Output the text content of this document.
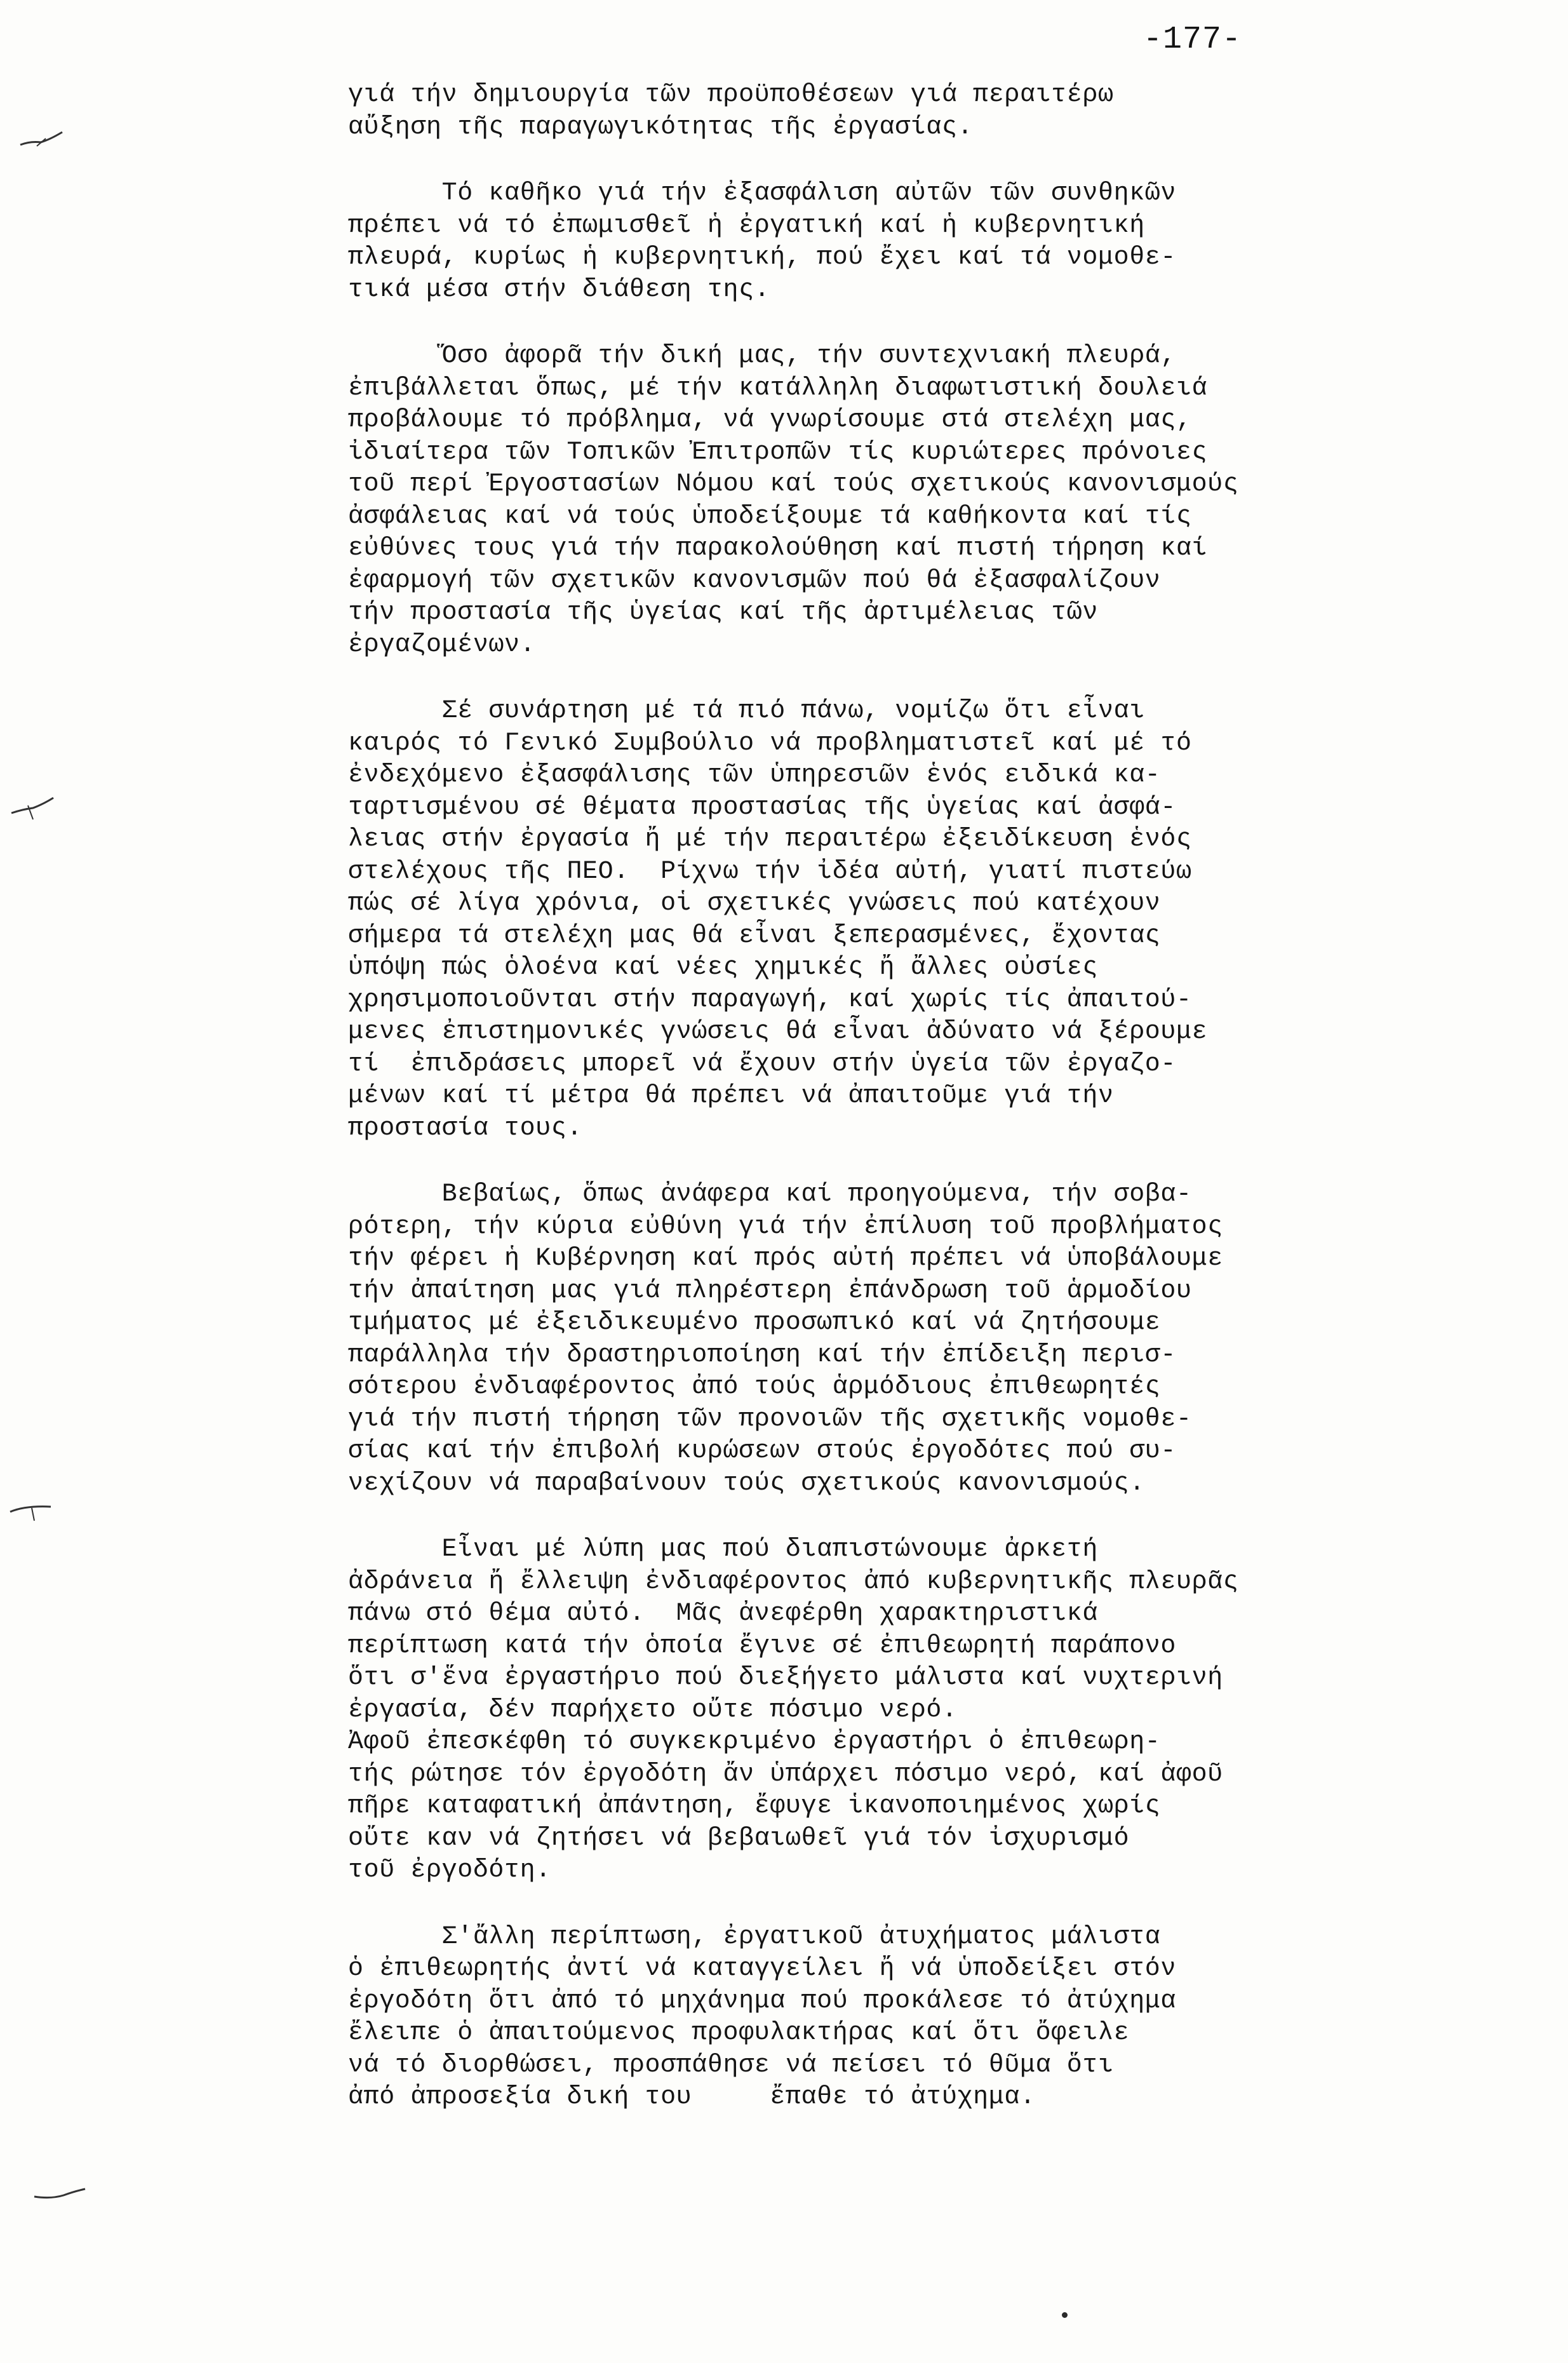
-177-
γιά τήν δημιουργία τῶν προϋποθέσεων γιά περαιτέρω
αὔξηση τῆς παραγωγικότητας τῆς ἐργασίας.
Τό καθῆκο γιά τήν ἐξασφάλιση αὐτῶν τῶν συνθηκῶν
πρέπει νά τό ἐπωμισθεῖ ἡ ἐργατική καί ἡ κυβερνητική
πλευρά, κυρίως ἡ κυβερνητική, πού ἔχει καί τά νομοθε-
τικά μέσα στήν διάθεση της.
Ὅσο ἀφορᾶ τήν δική μας, τήν συντεχνιακή πλευρά,
ἐπιβάλλεται ὅπως, μέ τήν κατάλληλη διαφωτιστική δουλειά
προβάλουμε τό πρόβλημα, νά γνωρίσουμε στά στελέχη μας,
ἰδιαίτερα τῶν Τοπικῶν Ἐπιτροπῶν τίς κυριώτερες πρόνοιες
τοῦ περί Ἐργοστασίων Νόμου καί τούς σχετικούς κανονισμούς
ἀσφάλειας καί νά τούς ὑποδείξουμε τά καθήκοντα καί τίς
εὐθύνες τους γιά τήν παρακολούθηση καί πιστή τήρηση καί
ἐφαρμογή τῶν σχετικῶν κανονισμῶν πού θά ἐξασφαλίζουν
τήν προστασία τῆς ὑγείας καί τῆς ἀρτιμέλειας τῶν
ἐργαζομένων.
Σέ συνάρτηση μέ τά πιό πάνω, νομίζω ὅτι εἶναι
καιρός τό Γενικό Συμβούλιο νά προβληματιστεῖ καί μέ τό
ἐνδεχόμενο ἐξασφάλισης τῶν ὑπηρεσιῶν ἑνός ειδικά κα-
ταρτισμένου σέ θέματα προστασίας τῆς ὑγείας καί ἀσφά-
λειας στήν ἐργασία ἤ μέ τήν περαιτέρω ἐξειδίκευση ἑνός
στελέχους τῆς ΠΕΟ.  Ρίχνω τήν ἰδέα αὐτή, γιατί πιστεύω
πώς σέ λίγα χρόνια, οἱ σχετικές γνώσεις πού κατέχουν
σήμερα τά στελέχη μας θά εἶναι ξεπερασμένες, ἔχοντας
ὑπόψη πώς ὁλοένα καί νέες χημικές ἤ ἄλλες οὐσίες
χρησιμοποιοῦνται στήν παραγωγή, καί χωρίς τίς ἀπαιτού-
μενες ἐπιστημονικές γνώσεις θά εἶναι ἀδύνατο νά ξέρουμε
τί  ἐπιδράσεις μπορεῖ νά ἔχουν στήν ὑγεία τῶν ἐργαζο-
μένων καί τί μέτρα θά πρέπει νά ἀπαιτοῦμε γιά τήν
προστασία τους.
Βεβαίως, ὅπως ἀνάφερα καί προηγούμενα, τήν σοβα-
ρότερη, τήν κύρια εὐθύνη γιά τήν ἐπίλυση τοῦ προβλήματος
τήν φέρει ἡ Κυβέρνηση καί πρός αὐτή πρέπει νά ὑποβάλουμε
τήν ἀπαίτηση μας γιά πληρέστερη ἐπάνδρωση τοῦ ἁρμοδίου
τμήματος μέ ἐξειδικευμένο προσωπικό καί νά ζητήσουμε
παράλληλα τήν δραστηριοποίηση καί τήν ἐπίδειξη περισ-
σότερου ἐνδιαφέροντος ἀπό τούς ἁρμόδιους ἐπιθεωρητές
γιά τήν πιστή τήρηση τῶν προνοιῶν τῆς σχετικῆς νομοθε-
σίας καί τήν ἐπιβολή κυρώσεων στούς ἐργοδότες πού συ-
νεχίζουν νά παραβαίνουν τούς σχετικούς κανονισμούς.
Εἶναι μέ λύπη μας πού διαπιστώνουμε ἀρκετή
ἀδράνεια ἤ ἔλλειψη ἐνδιαφέροντος ἀπό κυβερνητικῆς πλευρᾶς
πάνω στό θέμα αὐτό.  Μᾶς ἀνεφέρθη χαρακτηριστικά
περίπτωση κατά τήν ὁποία ἔγινε σέ ἐπιθεωρητή παράπονο
ὅτι σ'ἕνα ἐργαστήριο πού διεξήγετο μάλιστα καί νυχτερινή
ἐργασία, δέν παρήχετο οὔτε πόσιμο νερό.
Ἀφοῦ ἐπεσκέφθη τό συγκεκριμένο ἐργαστήρι ὁ ἐπιθεωρη-
τής ρώτησε τόν ἐργοδότη ἄν ὑπάρχει πόσιμο νερό, καί ἀφοῦ
πῆρε καταφατική ἀπάντηση, ἔφυγε ἱκανοποιημένος χωρίς
οὔτε καν νά ζητήσει νά βεβαιωθεῖ γιά τόν ἰσχυρισμό
τοῦ ἐργοδότη.
Σ'ἄλλη περίπτωση, ἐργατικοῦ ἀτυχήματος μάλιστα
ὁ ἐπιθεωρητής ἀντί νά καταγγείλει ἤ νά ὑποδείξει στόν
ἐργοδότη ὅτι ἀπό τό μηχάνημα πού προκάλεσε τό ἀτύχημα
ἔλειπε ὁ ἀπαιτούμενος προφυλακτήρας καί ὅτι ὄφειλε
νά τό διορθώσει, προσπάθησε νά πείσει τό θῦμα ὅτι
ἀπό ἀπροσεξία δική του     ἔπαθε τό ἀτύχημα.
